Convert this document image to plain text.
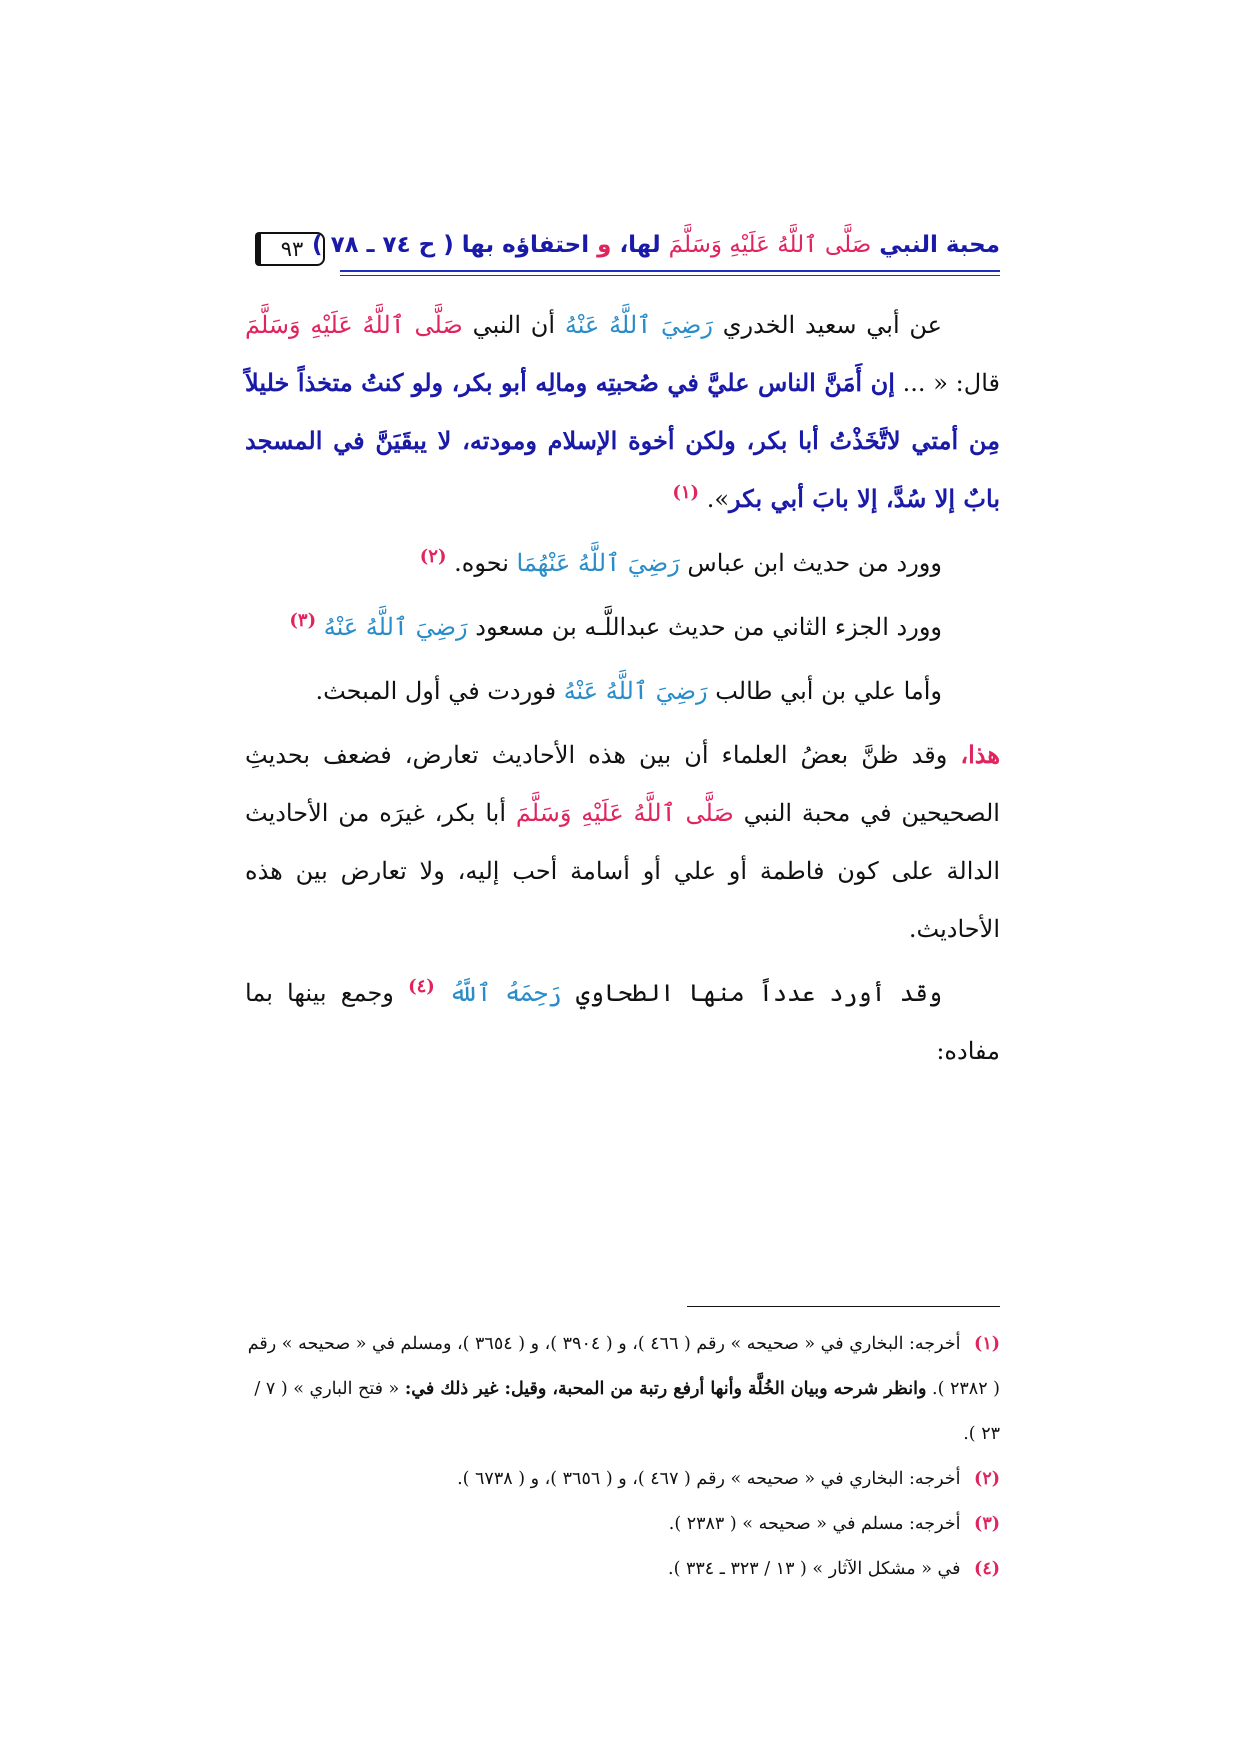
محبة النبي صَلَّى ٱللَّهُ عَلَيْهِ وَسَلَّمَ لها، و احتفاؤه بها ( ح ٧٤ ـ ٧٨ )
٩٣

عن أبي سعيد الخدري رَضِيَ ٱللَّهُ عَنْهُ أن النبي صَلَّى ٱللَّهُ عَلَيْهِ وَسَلَّمَ قال: « ... إن أَمَنَّ الناس عليَّ في صُحبتِه ومالِه أبو بكر، ولو كنتُ متخذاً خليلاً مِن أمتي لاتَّخَذْتُ أبا بكر، ولكن أخوة الإسلام ومودته، لا يبقَيَنَّ في المسجد بابٌ إلا سُدَّ، إلا بابَ أبي بكر». $^{(١)}$

وورد من حديث ابن عباس رَضِيَ ٱللَّهُ عَنْهُمَا نحوه. $^{(٢)}$

وورد الجزء الثاني من حديث عبداللَّـه بن مسعود رَضِيَ ٱللَّهُ عَنْهُ $^{(٣)}$

وأما علي بن أبي طالب رَضِيَ ٱللَّهُ عَنْهُ فوردت في أول المبحث.

هذا، وقد ظنَّ بعضُ العلماء أن بين هذه الأحاديث تعارض، فضعف بحديثِ الصحيحين في محبة النبي صَلَّى ٱللَّهُ عَلَيْهِ وَسَلَّمَ أبا بكر، غيرَه من الأحاديث الدالة على كون فاطمة أو علي أو أسامة أحب إليه، ولا تعارض بين هذه الأحاديث.

وقد أورد عدداً منها الطحاوي رَحِمَهُ ٱللَّهُ $^{(٤)}$ وجمع بينها بما مفاده:

(١) أخرجه: البخاري في « صحيحه » رقم ( ٤٦٦ )، و ( ٣٩٠٤ )، و ( ٣٦٥٤ )، ومسلم في « صحيحه » رقم ( ٢٣٨٢ ). وانظر شرحه وبيان الخُلَّة وأنها أرفع رتبة من المحبة، وقيل: غير ذلك في: « فتح الباري » ( ٧ / ٢٣ ).

(٢) أخرجه: البخاري في « صحيحه » رقم ( ٤٦٧ )، و ( ٣٦٥٦ )، و ( ٦٧٣٨ ).

(٣) أخرجه: مسلم في « صحيحه » ( ٢٣٨٣ ).

(٤) في « مشكل الآثار » ( ١٣ / ٣٢٣ ـ ٣٣٤ ).
